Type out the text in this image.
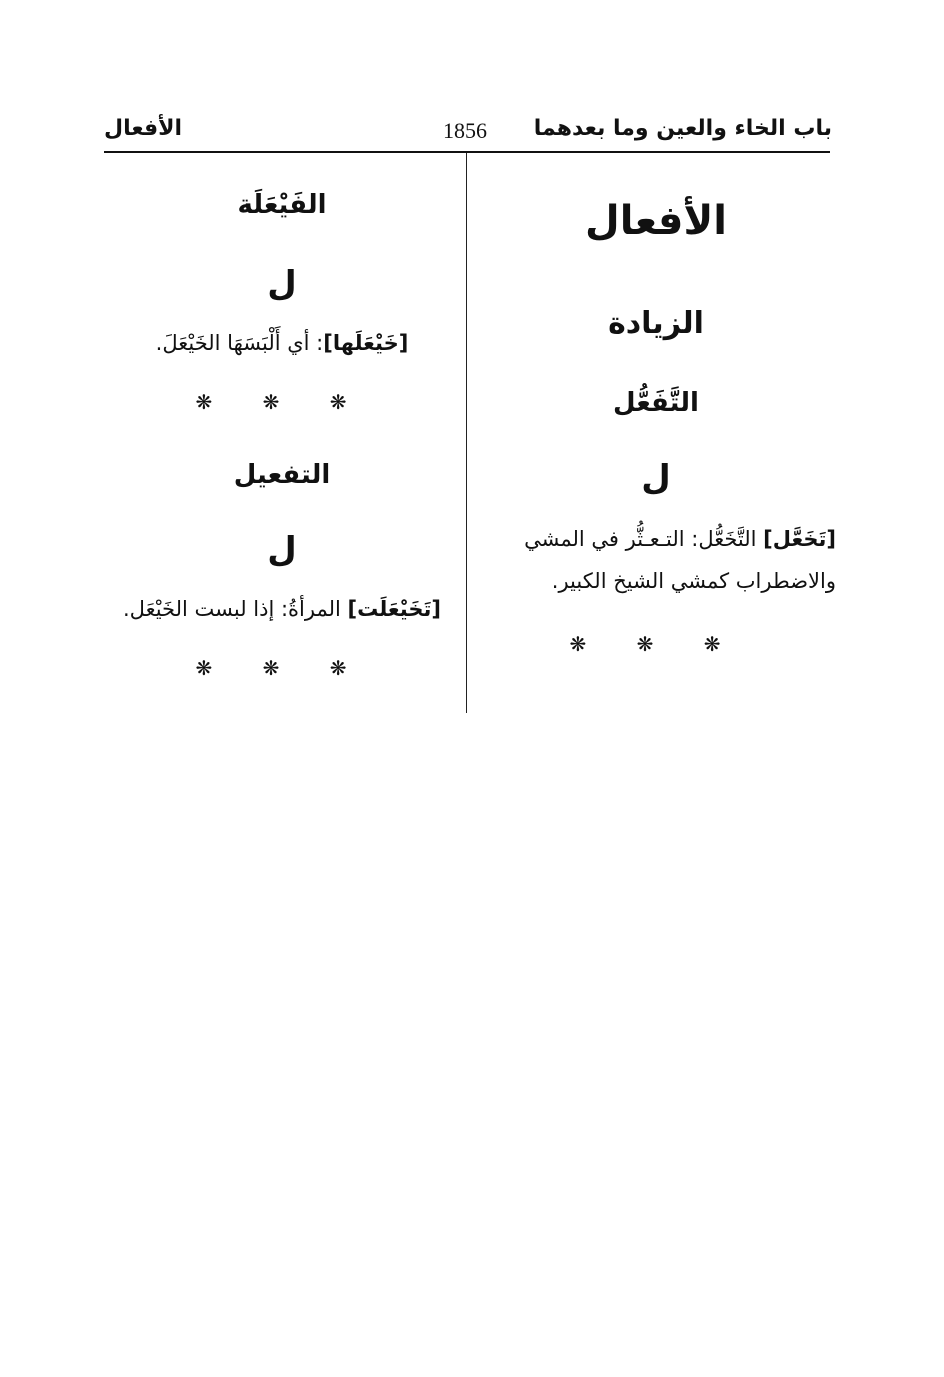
باب الخاء والعين وما بعدهما
1856
الأفعال
الأفعال
الزيادة
التَّفَعُّل
ل
[تَخَعَّل] التَّخَعُّل: التـعـثُّر في المشي والاضطراب كمشي الشيخ الكبير.
❋ ❋ ❋
الفَيْعَلَة
ل
[خَيْعَلَها]: أي أَلْبَسَهَا الخَيْعَلَ.
❋ ❋ ❋
التفعيل
ل
[تَخَيْعَلَت] المرأةُ: إذا لبست الخَيْعَل.
❋ ❋ ❋
